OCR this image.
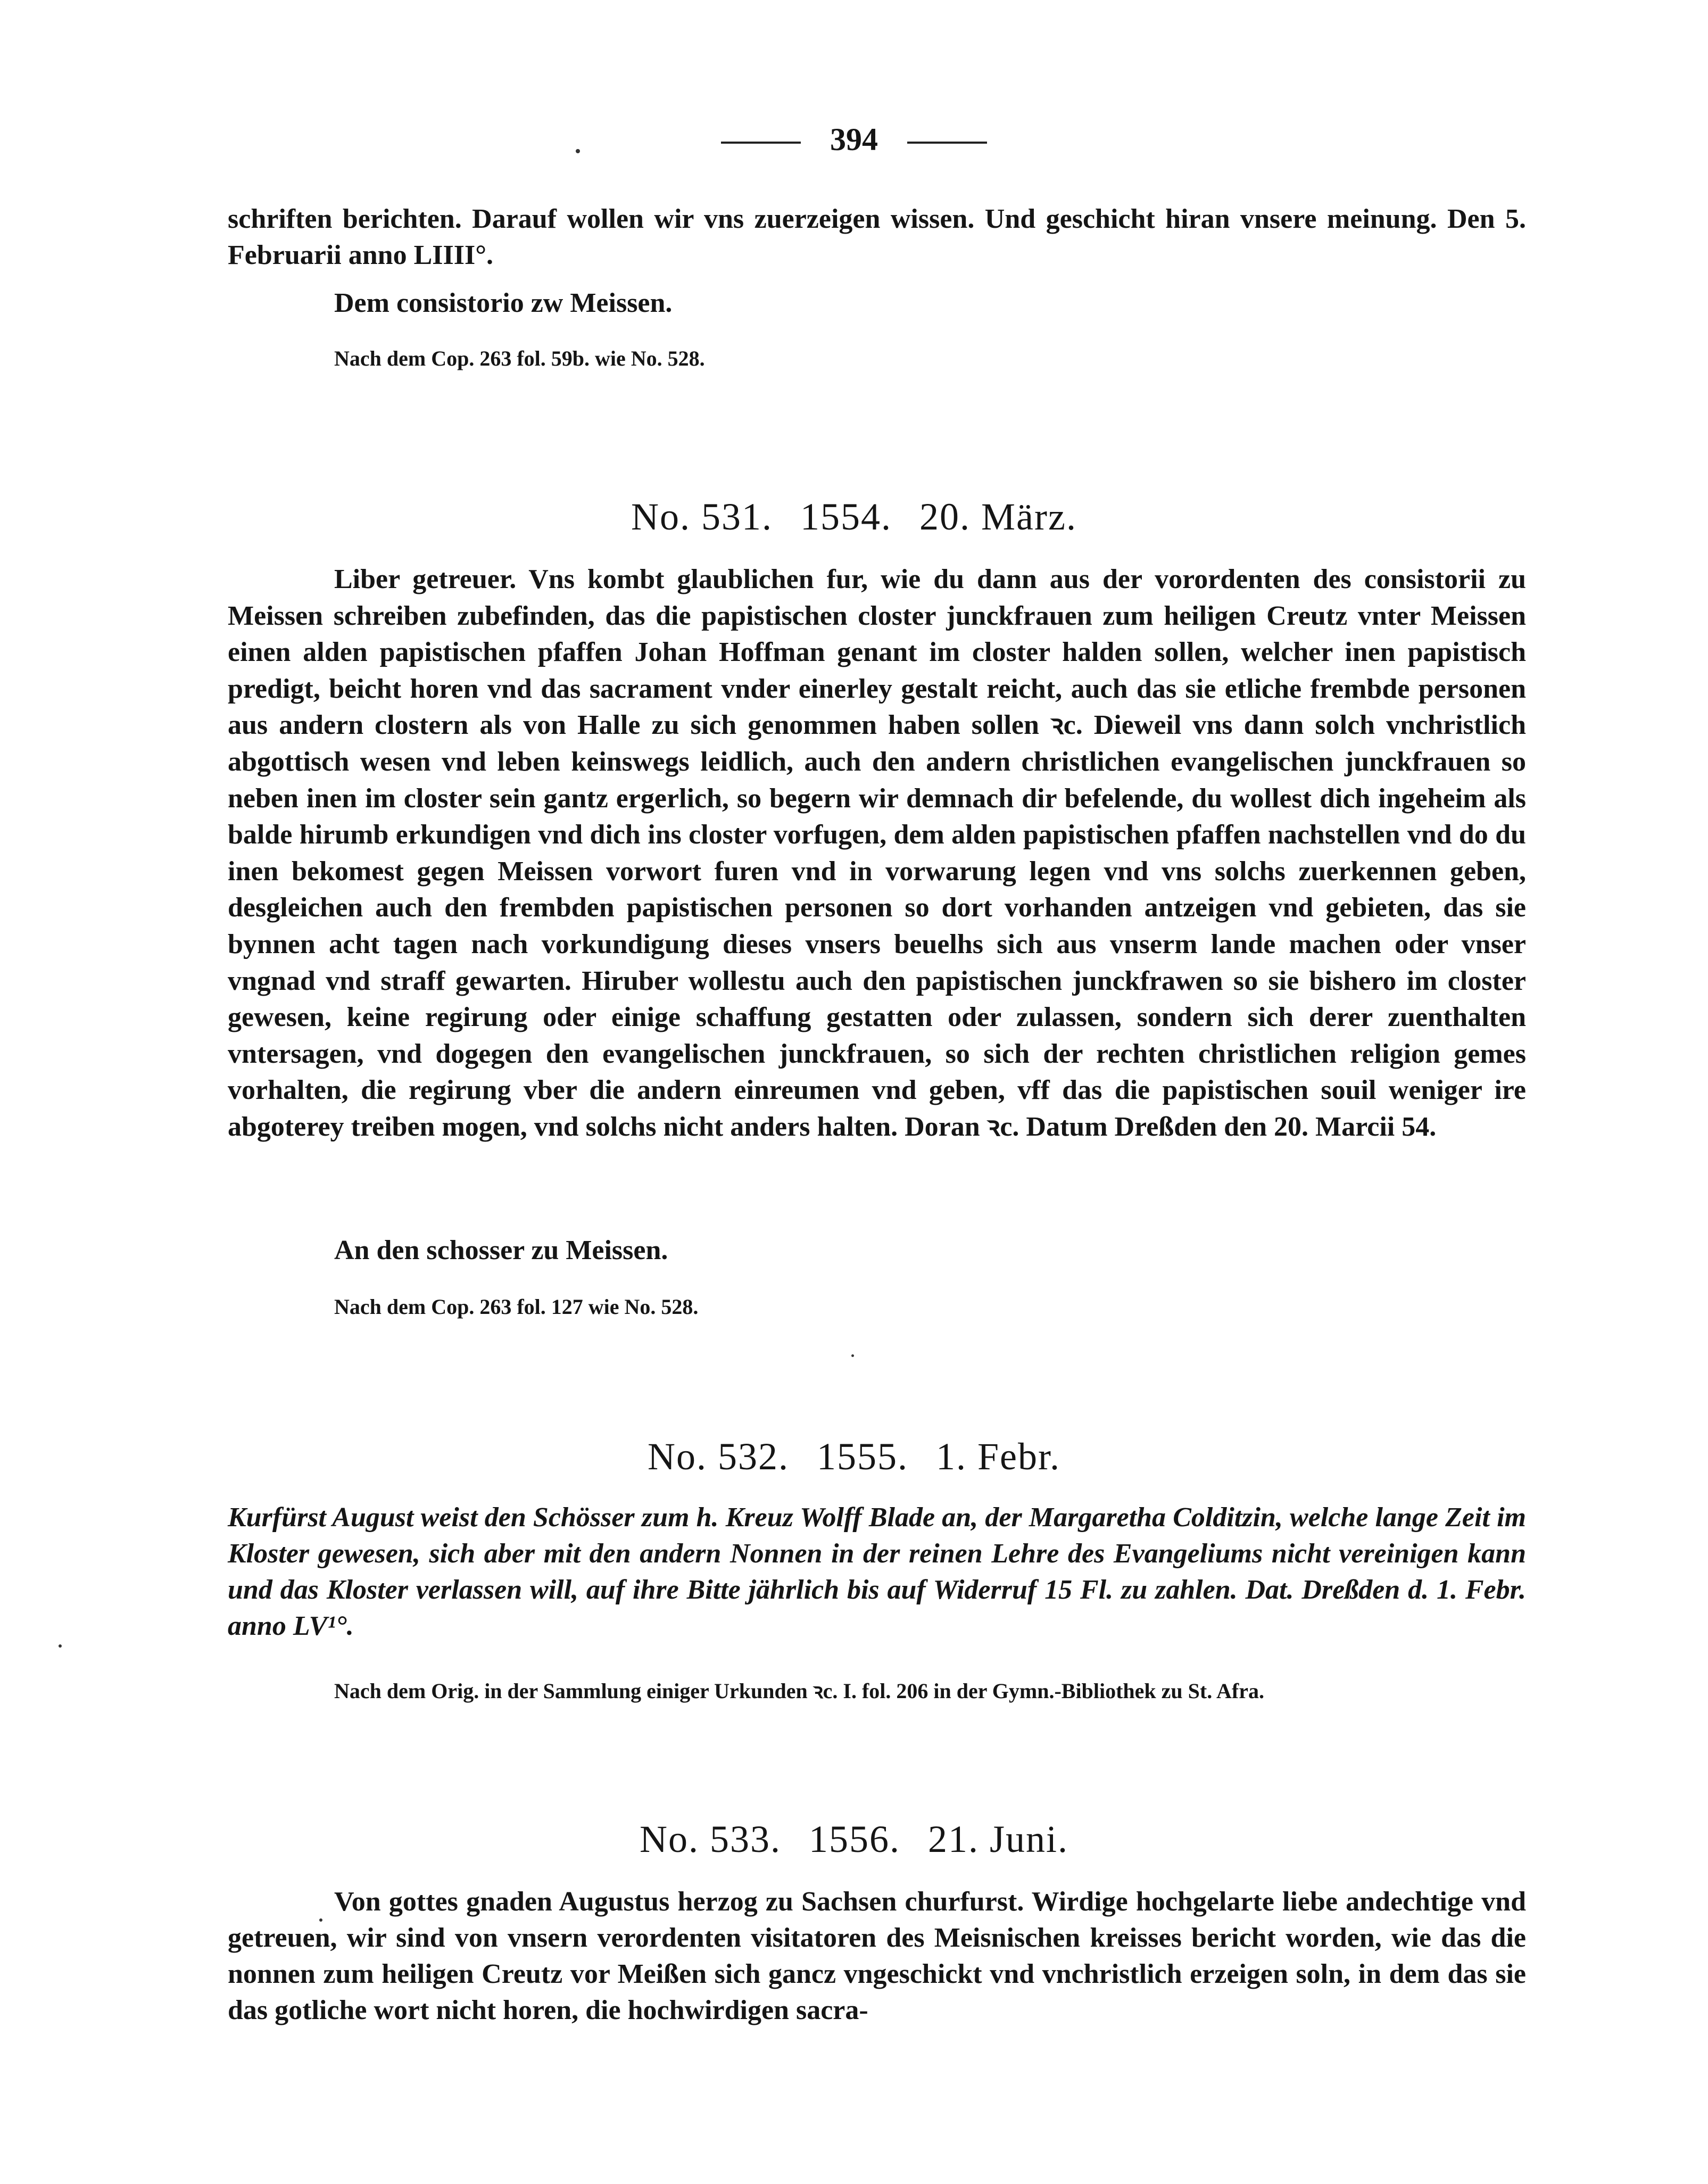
394
schriften berichten. Darauf wollen wir vns zuerzeigen wissen. Und geschicht hiran vnsere meinung. Den 5. Februarii anno LIIII°.
Dem consistorio zw Meissen.
Nach dem Cop. 263 fol. 59b. wie No. 528.
No. 531. 1554. 20. März.
Liber getreuer. Vns kombt glaublichen fur, wie du dann aus der vorordenten des consistorii zu Meissen schreiben zubefinden, das die papistischen closter junckfrauen zum heiligen Creutz vnter Meissen einen alden papistischen pfaffen Johan Hoffman genant im closter halden sollen, welcher inen papistisch predigt, beicht horen vnd das sacrament vnder einerley gestalt reicht, auch das sie etliche frembde personen aus andern clostern als von Halle zu sich genommen haben sollen ꝛc. Dieweil vns dann solch vnchristlich abgottisch wesen vnd leben keinswegs leidlich, auch den andern christlichen evangelischen junckfrauen so neben inen im closter sein gantz ergerlich, so begern wir demnach dir befelende, du wollest dich ingeheim als balde hirumb erkundigen vnd dich ins closter vorfugen, dem alden papistischen pfaffen nachstellen vnd do du inen bekomest gegen Meissen vorwort furen vnd in vorwarung legen vnd vns solchs zuerkennen geben, desgleichen auch den frembden papistischen personen so dort vorhanden antzeigen vnd gebieten, das sie bynnen acht tagen nach vorkundigung dieses vnsers beuelhs sich aus vnserm lande machen oder vnser vngnad vnd straff gewarten. Hiruber wollestu auch den papistischen junckfrawen so sie bishero im closter gewesen, keine regirung oder einige schaffung gestatten oder zulassen, sondern sich derer zuenthalten vntersagen, vnd dogegen den evangelischen junckfrauen, so sich der rechten christlichen religion gemes vorhalten, die regirung vber die andern einreumen vnd geben, vff das die papistischen souil weniger ire abgoterey treiben mogen, vnd solchs nicht anders halten. Doran ꝛc. Datum Dreßden den 20. Marcii 54.
An den schosser zu Meissen.
Nach dem Cop. 263 fol. 127 wie No. 528.
No. 532. 1555. 1. Febr.
Kurfürst August weist den Schösser zum h. Kreuz Wolff Blade an, der Margaretha Colditzin, welche lange Zeit im Kloster gewesen, sich aber mit den andern Nonnen in der reinen Lehre des Evangeliums nicht vereinigen kann und das Kloster verlassen will, auf ihre Bitte jährlich bis auf Widerruf 15 Fl. zu zahlen. Dat. Dreßden d. 1. Febr. anno LV¹°.
Nach dem Orig. in der Sammlung einiger Urkunden ꝛc. I. fol. 206 in der Gymn.-Bibliothek zu St. Afra.
No. 533. 1556. 21. Juni.
Von gottes gnaden Augustus herzog zu Sachsen churfurst. Wirdige hochgelarte liebe andechtige vnd getreuen, wir sind von vnsern verordenten visitatoren des Meisnischen kreisses bericht worden, wie das die nonnen zum heiligen Creutz vor Meißen sich gancz vngeschickt vnd vnchristlich erzeigen soln, in dem das sie das gotliche wort nicht horen, die hochwirdigen sacra-
